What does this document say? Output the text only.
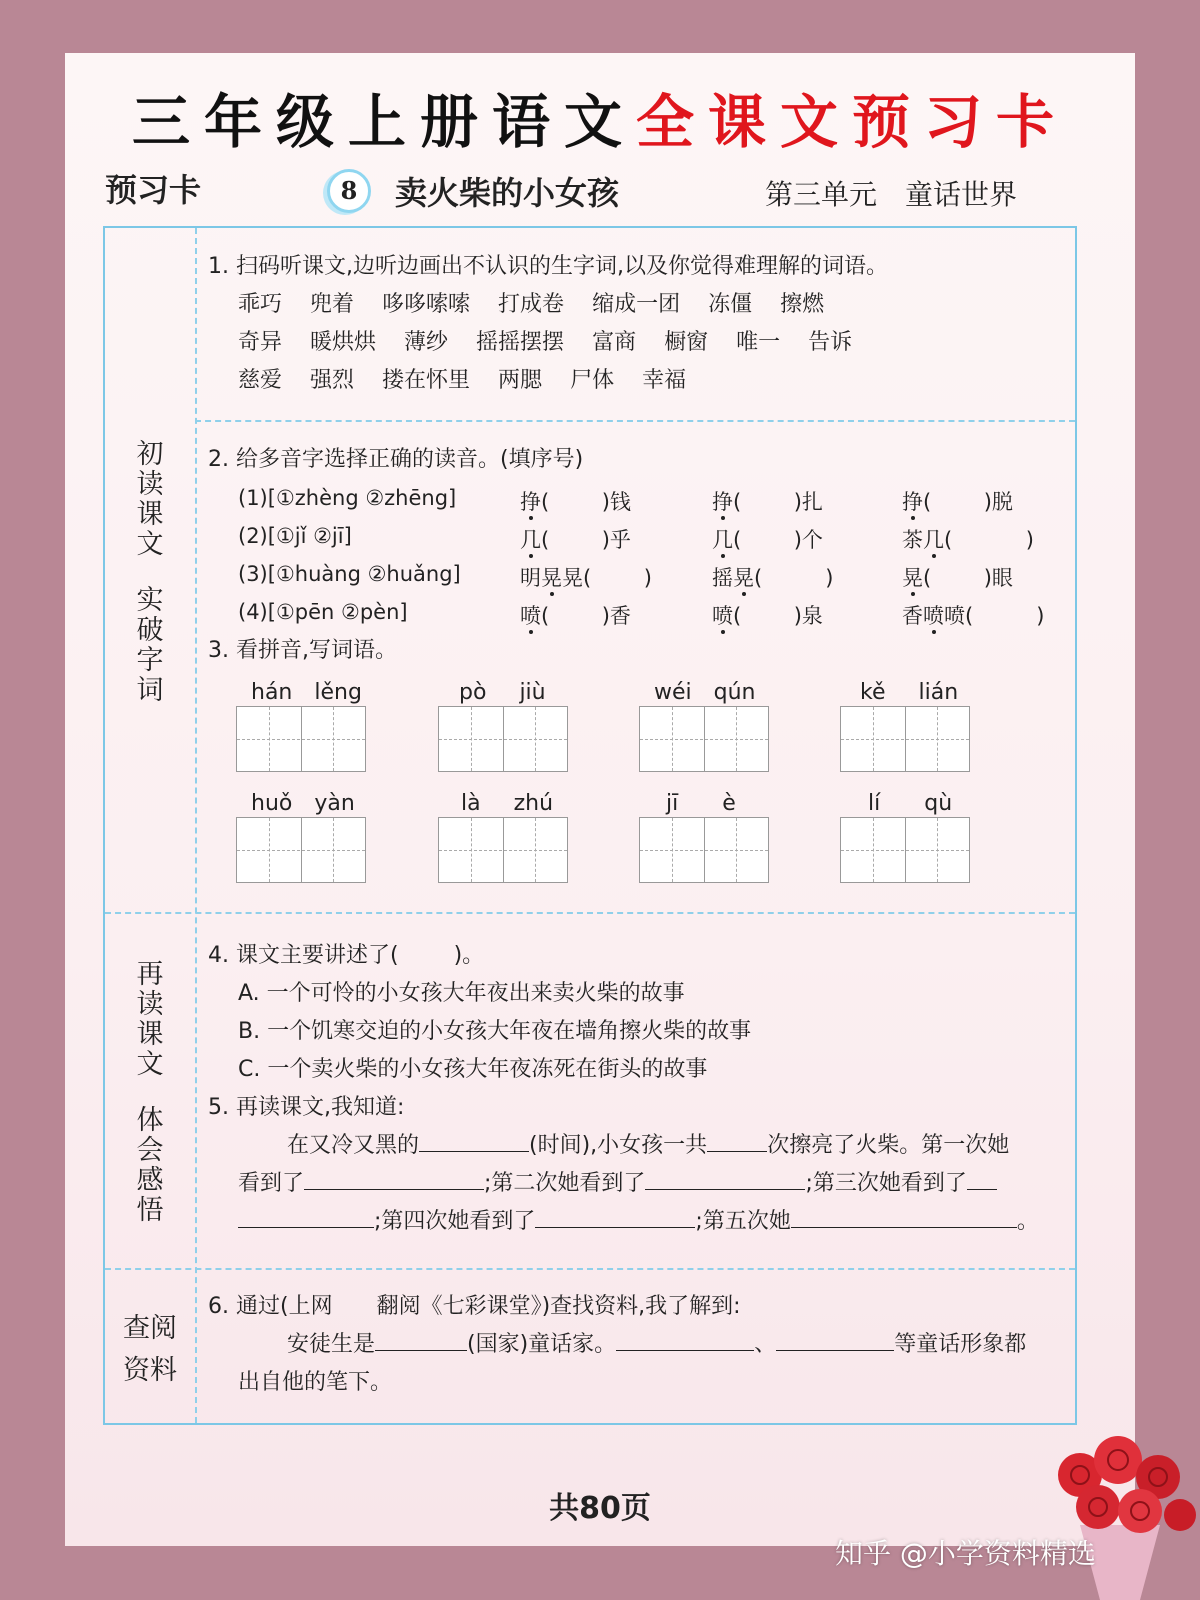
三年级上册语文全课文预习卡
预习卡	8	卖火柴的小女孩	第三单元 童话世界
初
读
课

文
实
破
字
词
再
读
课

文
体
会
感
悟
查阅
资料
1. 扫码听课文,边听边画出不认识的生字词,以及你觉得难理解的词语。
乖巧 兜着 哆哆嗦嗦 打成卷 缩成一团 冻僵 擦燃
奇异 暖烘烘 薄纱 摇摇摆摆 富商 橱窗 唯一 告诉
慈爱 强烈 搂在怀里 两腮 尸体 幸福
2. 给多音字选择正确的读音。(填序号)
(1)[①zhèng ②zhēng]	挣(   	)钱	挣(   	)扎	挣(   	)脱
(2)[①jǐ ②jī]	几(   	)乎	几(   	)个	茶几(    	)
(3)[①huàng ②huǎng]	明晃晃(   	)	摇晃(   	)	晃(   	)眼
(4)[①pēn ②pèn]	喷(   	)香	喷(   	)泉	香喷喷(   	)
3. 看拼音,写词语。
hán   lěng	pò   jiù	wéi   qún	kě   lián
huǒ   yàn	là   zhú	jī   è	lí   qù
4. 课文主要讲述了(   	)。
A. 一个可怜的小女孩大年夜出来卖火柴的故事
B. 一个饥寒交迫的小女孩大年夜在墙角擦火柴的故事
C. 一个卖火柴的小女孩大年夜冻死在街头的故事
5. 再读课文,我知道:
在又冷又黑的	(时间),小女孩一共	次擦亮了火柴。第一次她
看到了	;第二次她看到了	;第三次她看到了
;第四次她看到了	;第五次她	。
6. 通过(上网　　翻阅《七彩课堂》)查找资料,我了解到:
安徒生是	(国家)童话家。	、	等童话形象都
出自他的笔下。
共80页
知乎 @小学资料精选
